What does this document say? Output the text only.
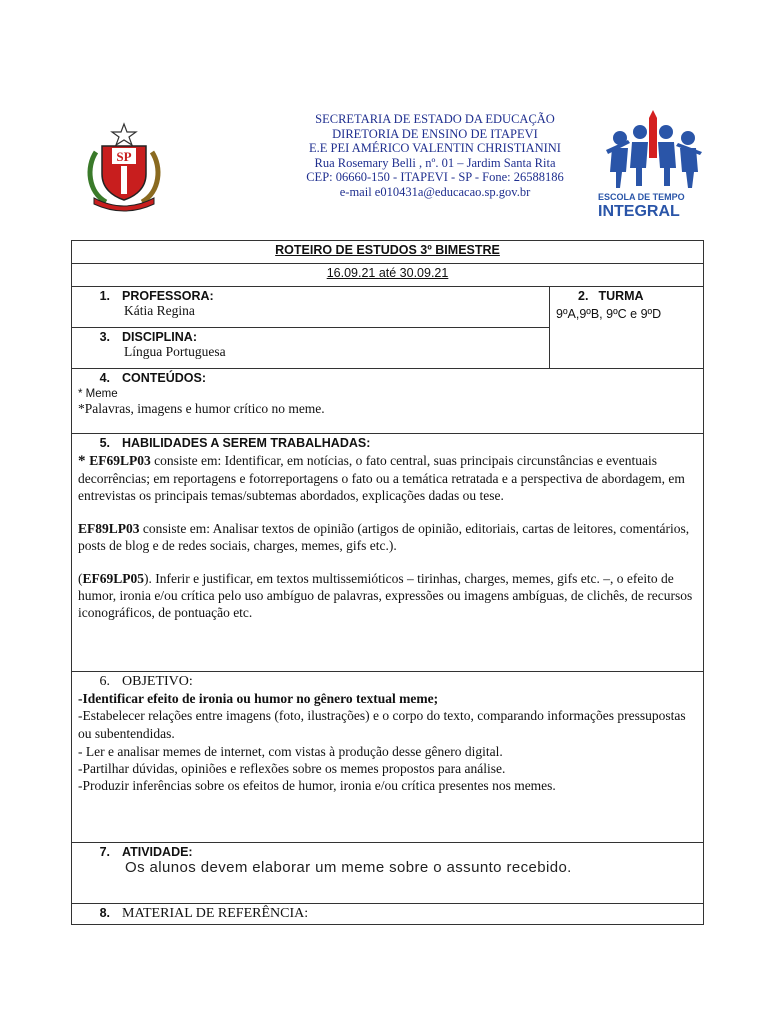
SP
SECRETARIA DE ESTADO DA EDUCAÇÃO
DIRETORIA DE ENSINO DE ITAPEVI
E.E PEI AMÉRICO VALENTIN CHRISTIANINI
Rua Rosemary Belli , nº. 01 – Jardim Santa Rita
CEP: 06660-150 - ITAPEVI - SP - Fone: 26588186
e-mail e010431a@educacao.sp.gov.br	ESCOLA DE TEMPO
INTEGRAL
ROTEIRO DE ESTUDOS 3º BIMESTRE
16.09.21 até 30.09.21

1. PROFESSORA:
Kátia Regina

2. TURMA
9ºA,9ºB, 9ºC e 9ºD

3. DISCIPLINA:
Língua Portuguesa

4. CONTEÚDOS:
* Meme
*Palavras, imagens e humor crítico no meme.

5. HABILIDADES A SEREM TRABALHADAS:

* EF69LP03 consiste em: Identificar, em notícias, o fato central, suas principais circunstâncias e eventuais decorrências; em reportagens e fotorreportagens o fato ou a temática retratada e a perspectiva de abordagem, em entrevistas os principais temas/subtemas abordados, explicações dadas ou tese.

EF89LP03 consiste em: Analisar textos de opinião (artigos de opinião, editoriais, cartas de leitores, comentários, posts de blog e de redes sociais, charges, memes, gifs etc.).

(EF69LP05). Inferir e justificar, em textos multissemióticos – tirinhas, charges, memes, gifs etc. –, o efeito de humor, ironia e/ou crítica pelo uso ambíguo de palavras, expressões ou imagens ambíguas, de clichês, de recursos iconográficos, de pontuação etc.

6. OBJETIVO:
-Identificar efeito de ironia ou humor no gênero textual meme;
-Estabelecer relações entre imagens (foto, ilustrações) e o corpo do texto, comparando informações pressupostas ou subentendidas.
- Ler e analisar memes de internet, com vistas à produção desse gênero digital.
-Partilhar dúvidas, opiniões e reflexões sobre os memes propostos para análise.
-Produzir inferências sobre os efeitos de humor, ironia e/ou crítica presentes nos memes.

7. ATIVIDADE:
Os alunos devem elaborar um meme sobre o assunto recebido.

8. MATERIAL DE REFERÊNCIA:
